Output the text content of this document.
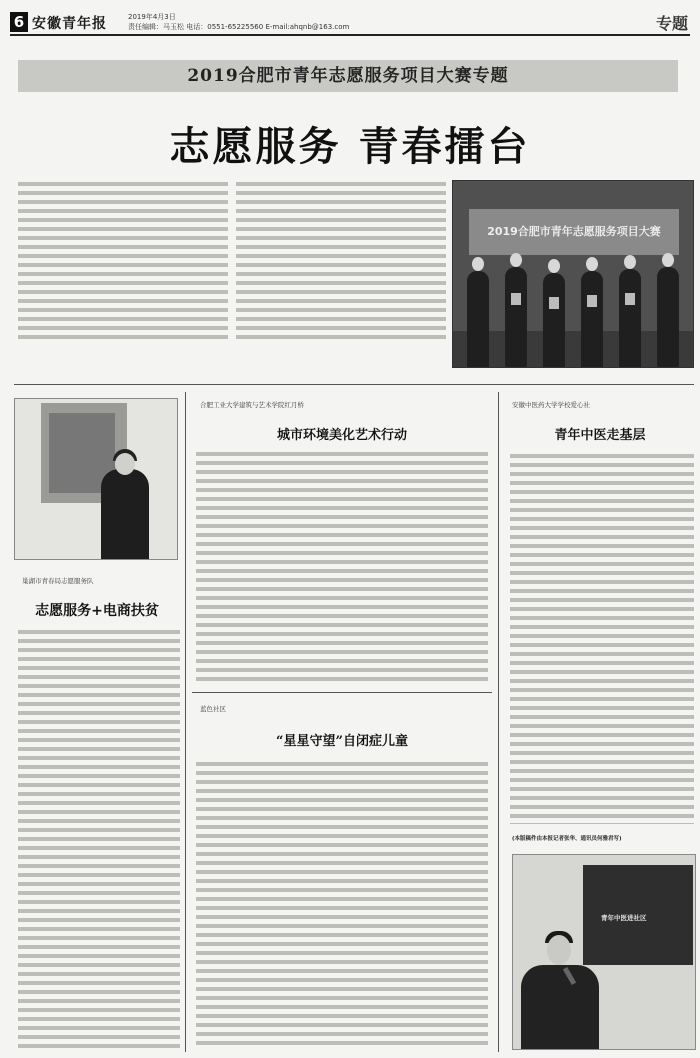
6 安徽青年报	2019年4月3日
责任编辑：马玉松 电话：0551-65225560 E-mail:ahqnb@163.com	专题
2019合肥市青年志愿服务项目大赛专题
志愿服务 青春擂台
2019合肥市青年志愿服务项目大赛
巢湖市青春局志愿服务队
志愿服务+电商扶贫
合肥工业大学建筑与艺术学院红月桥
城市环境美化艺术行动
蓝色社区
“星星守望”自闭症儿童
安徽中医药大学学校爱心社
青年中医走基层
(本版稿件由本报记者张华、通讯员何雅君写)
青年中医进社区
